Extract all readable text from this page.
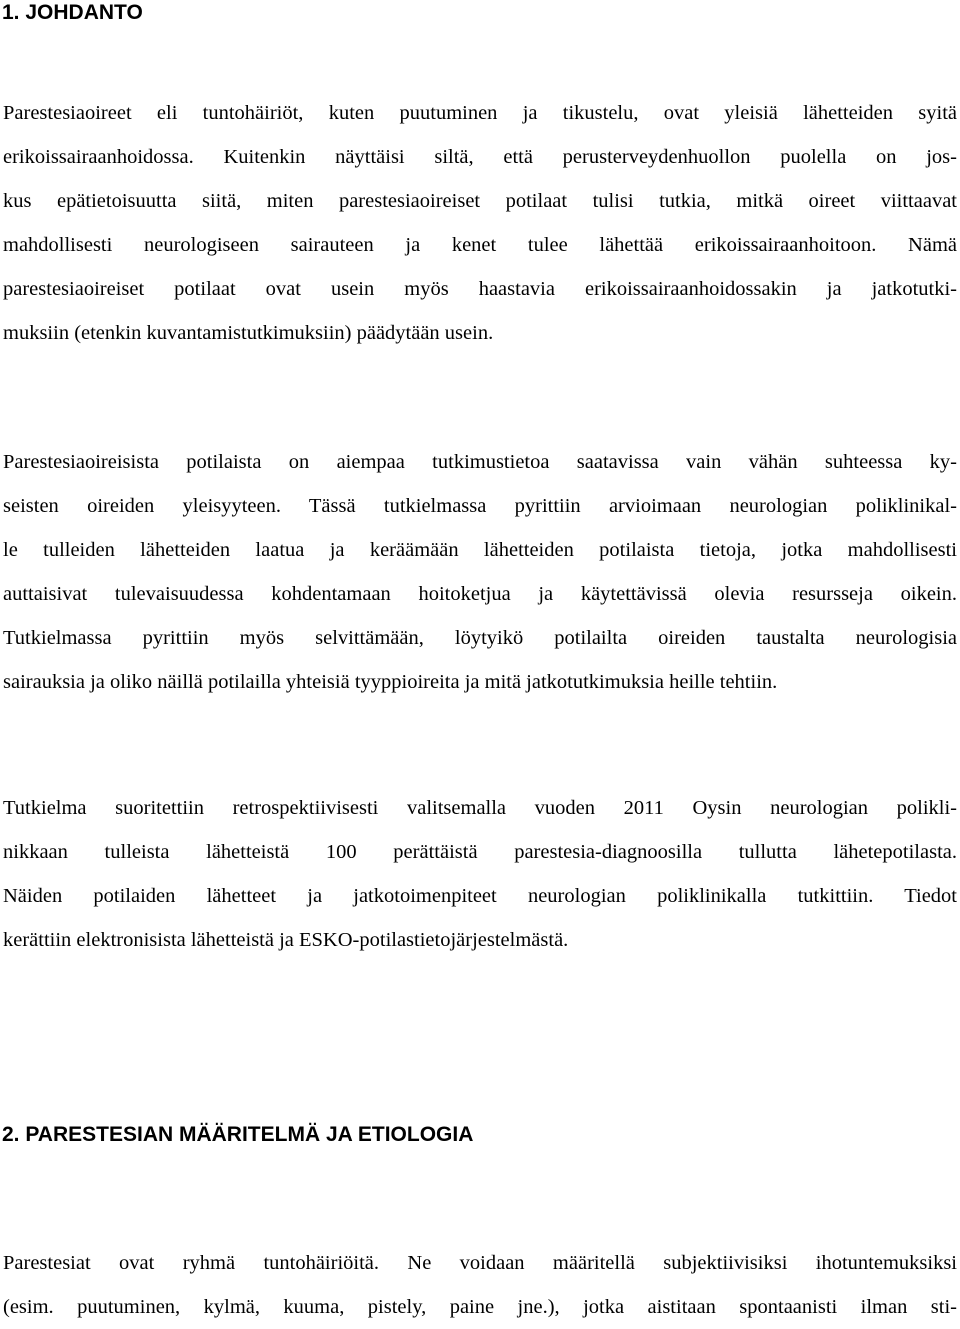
1. JOHDANTO

Parestesiaoireet eli tuntohäiriöt, kuten puutuminen ja tikustelu, ovat yleisiä lähetteiden syitä
erikoissairaanhoidossa. Kuitenkin näyttäisi siltä, että perusterveydenhuollon puolella on jos-
kus epätietoisuutta siitä, miten parestesiaoireiset potilaat tulisi tutkia, mitkä oireet viittaavat
mahdollisesti neurologiseen sairauteen ja kenet tulee lähettää erikoissairaanhoitoon. Nämä
parestesiaoireiset potilaat ovat usein myös haastavia erikoissairaanhoidossakin ja jatkotutki-
muksiin (etenkin kuvantamistutkimuksiin) päädytään usein.

Parestesiaoireisista potilaista on aiempaa tutkimustietoa saatavissa vain vähän suhteessa ky-
seisten oireiden yleisyyteen. Tässä tutkielmassa pyrittiin arvioimaan neurologian poliklinikal-
le tulleiden lähetteiden laatua ja keräämään lähetteiden potilaista tietoja, jotka mahdollisesti
auttaisivat tulevaisuudessa kohdentamaan hoitoketjua ja käytettävissä olevia resursseja oikein.
Tutkielmassa pyrittiin myös selvittämään, löytyikö potilailta oireiden taustalta neurologisia
sairauksia ja oliko näillä potilailla yhteisiä tyyppioireita ja mitä jatkotutkimuksia heille tehtiin.

Tutkielma suoritettiin retrospektiivisesti valitsemalla vuoden 2011 Oysin neurologian polikli-
nikkaan tulleista lähetteistä 100 perättäistä parestesia-diagnoosilla tullutta lähetepotilasta.
Näiden potilaiden lähetteet ja jatkotoimenpiteet neurologian poliklinikalla tutkittiin. Tiedot
kerättiin elektronisista lähetteistä ja ESKO-potilastietojärjestelmästä.

2. PARESTESIAN MÄÄRITELMÄ JA ETIOLOGIA

Parestesiat ovat ryhmä tuntohäiriöitä. Ne voidaan määritellä subjektiivisiksi ihotuntemuksiksi
(esim. puutuminen, kylmä, kuuma, pistely, paine jne.), jotka aistitaan spontaanisti ilman sti-
